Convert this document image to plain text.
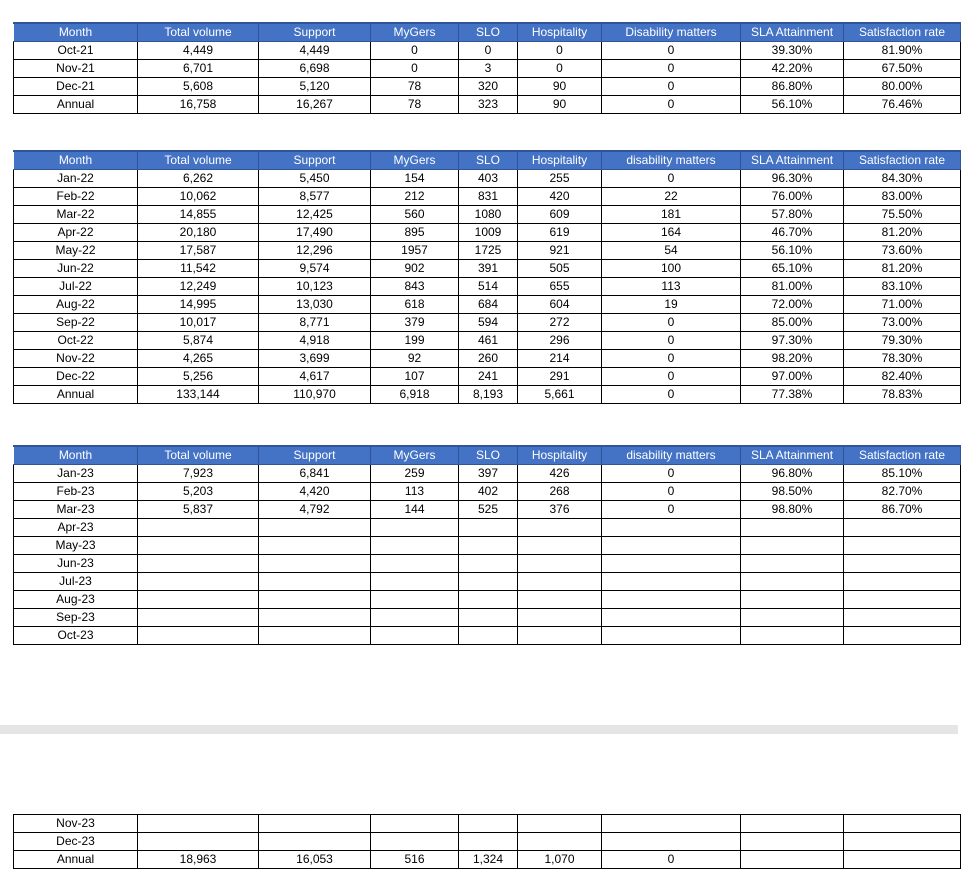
Month	Total volume	Support	MyGers	SLO	Hospitality	Disability matters	SLA Attainment	Satisfaction rate
Oct-21	4,449	4,449	0	0	0	0	39.30%	81.90%
Nov-21	6,701	6,698	0	3	0	0	42.20%	67.50%
Dec-21	5,608	5,120	78	320	90	0	86.80%	80.00%
Annual	16,758	16,267	78	323	90	0	56.10%	76.46%
Month	Total volume	Support	MyGers	SLO	Hospitality	disability matters	SLA Attainment	Satisfaction rate
Jan-22	6,262	5,450	154	403	255	0	96.30%	84.30%
Feb-22	10,062	8,577	212	831	420	22	76.00%	83.00%
Mar-22	14,855	12,425	560	1080	609	181	57.80%	75.50%
Apr-22	20,180	17,490	895	1009	619	164	46.70%	81.20%
May-22	17,587	12,296	1957	1725	921	54	56.10%	73.60%
Jun-22	11,542	9,574	902	391	505	100	65.10%	81.20%
Jul-22	12,249	10,123	843	514	655	113	81.00%	83.10%
Aug-22	14,995	13,030	618	684	604	19	72.00%	71.00%
Sep-22	10,017	8,771	379	594	272	0	85.00%	73.00%
Oct-22	5,874	4,918	199	461	296	0	97.30%	79.30%
Nov-22	4,265	3,699	92	260	214	0	98.20%	78.30%
Dec-22	5,256	4,617	107	241	291	0	97.00%	82.40%
Annual	133,144	110,970	6,918	8,193	5,661	0	77.38%	78.83%
Month	Total volume	Support	MyGers	SLO	Hospitality	disability matters	SLA Attainment	Satisfaction rate
Jan-23	7,923	6,841	259	397	426	0	96.80%	85.10%
Feb-23	5,203	4,420	113	402	268	0	98.50%	82.70%
Mar-23	5,837	4,792	144	525	376	0	98.80%	86.70%
Apr-23								
May-23								
Jun-23								
Jul-23								
Aug-23								
Sep-23								
Oct-23								
Nov-23								
Dec-23								
Annual	18,963	16,053	516	1,324	1,070	0		
